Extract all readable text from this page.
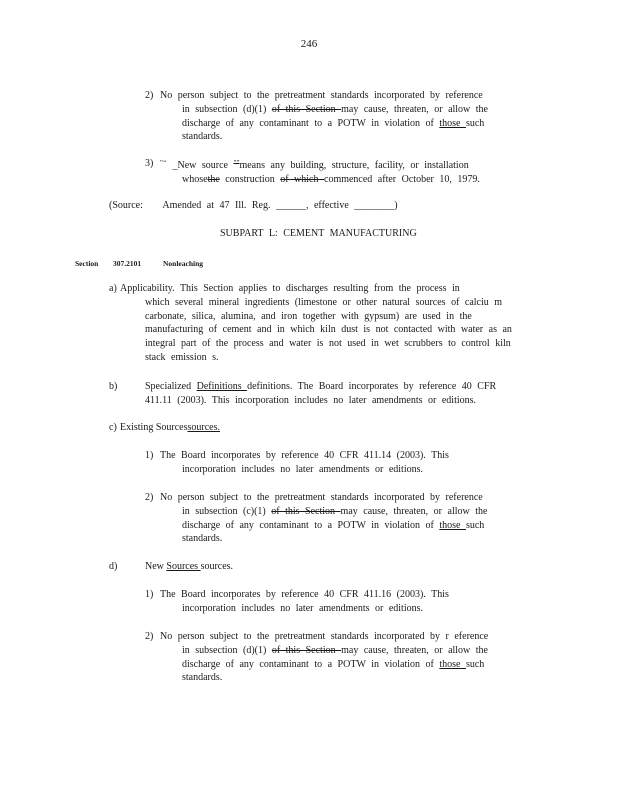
246
2) No person subject to the pretreatment standards incorporated by reference
in subsection (d)(1) of this Section may cause, threaten, or allow the
discharge of any contaminant to a POTW in violation of those such
standards.
3) "‘‘ _New source "”means any building, structure, facility, or installation
whosethe construction of which commenced after October 10, 1979.
(Source: Amended at 47 Ill. Reg. ______, effective ________)
SUBPART L: CEMENT MANUFACTURING
Section 307.2101	Nonleaching
a) Applicability. This Section applies to discharges resulting from the process in
which several mineral ingredients (limestone or other natural sources of calciu m
carbonate, silica, alumina, and iron together with gypsum) are used in the
manufacturing of cement and in which kiln dust is not contacted with water as an
integral part of the process and water is not used in wet scrubbers to control kiln
stack emission s.
b)	Specialized Definitions definitions. The Board incorporates by reference 40 CFR
411.11 (2003). This incorporation includes no later amendments or editions.
c) Existing Sourcessources.
1) The Board incorporates by reference 40 CFR 411.14 (2003). This
incorporation includes no later amendments or editions.
2) No person subject to the pretreatment standards incorporated by reference
in subsection (c)(1) of this Section may cause, threaten, or allow the
discharge of any contaminant to a POTW in violation of those such
standards.
d)	New Sources sources.
1) The Board incorporates by reference 40 CFR 411.16 (2003). This
incorporation includes no later amendments or editions.
2) No person subject to the pretreatment standards incorporated by r eference
in subsection (d)(1) of this Section may cause, threaten, or allow the
discharge of any contaminant to a POTW in violation of those such
standards.
